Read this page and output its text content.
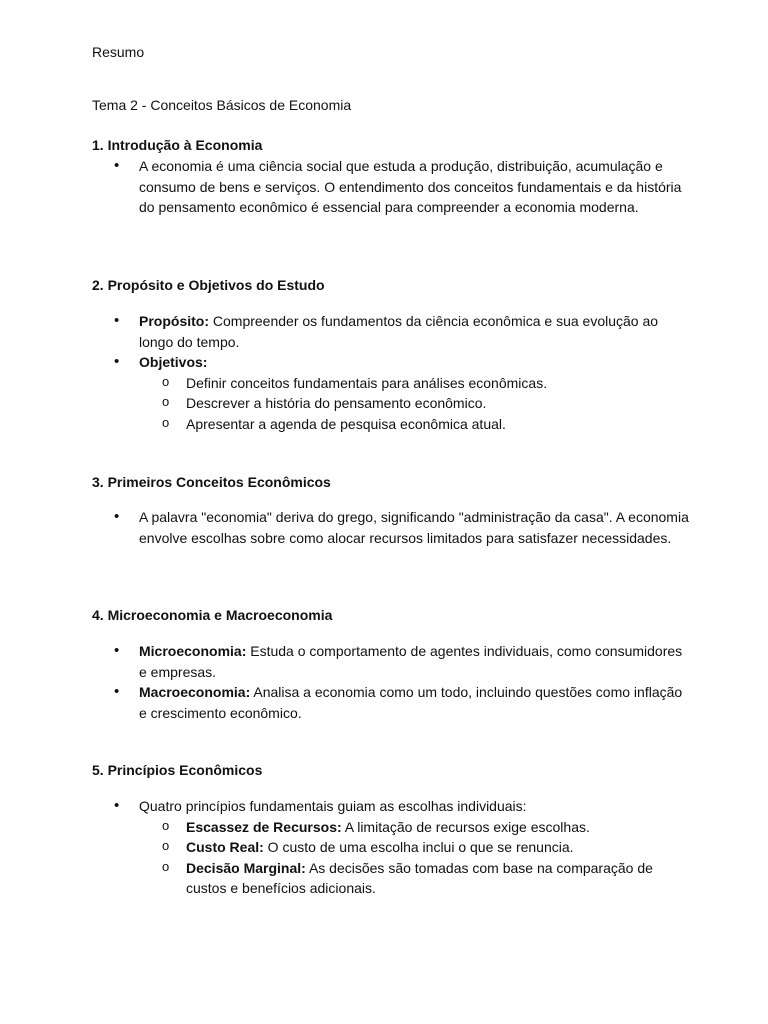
Resumo
Tema 2 - Conceitos Básicos de Economia
1. Introdução à Economia
• A economia é uma ciência social que estuda a produção, distribuição, acumulação e consumo de bens e serviços. O entendimento dos conceitos fundamentais e da história do pensamento econômico é essencial para compreender a economia moderna.
2. Propósito e Objetivos do Estudo
• Propósito: Compreender os fundamentos da ciência econômica e sua evolução ao longo do tempo.
• Objetivos:
o Definir conceitos fundamentais para análises econômicas.
o Descrever a história do pensamento econômico.
o Apresentar a agenda de pesquisa econômica atual.
3. Primeiros Conceitos Econômicos
• A palavra "economia" deriva do grego, significando "administração da casa". A economia envolve escolhas sobre como alocar recursos limitados para satisfazer necessidades.
4. Microeconomia e Macroeconomia
• Microeconomia: Estuda o comportamento de agentes individuais, como consumidores e empresas.
• Macroeconomia: Analisa a economia como um todo, incluindo questões como inflação e crescimento econômico.
5. Princípios Econômicos
• Quatro princípios fundamentais guiam as escolhas individuais:
o Escassez de Recursos: A limitação de recursos exige escolhas.
o Custo Real: O custo de uma escolha inclui o que se renuncia.
o Decisão Marginal: As decisões são tomadas com base na comparação de custos e benefícios adicionais.
